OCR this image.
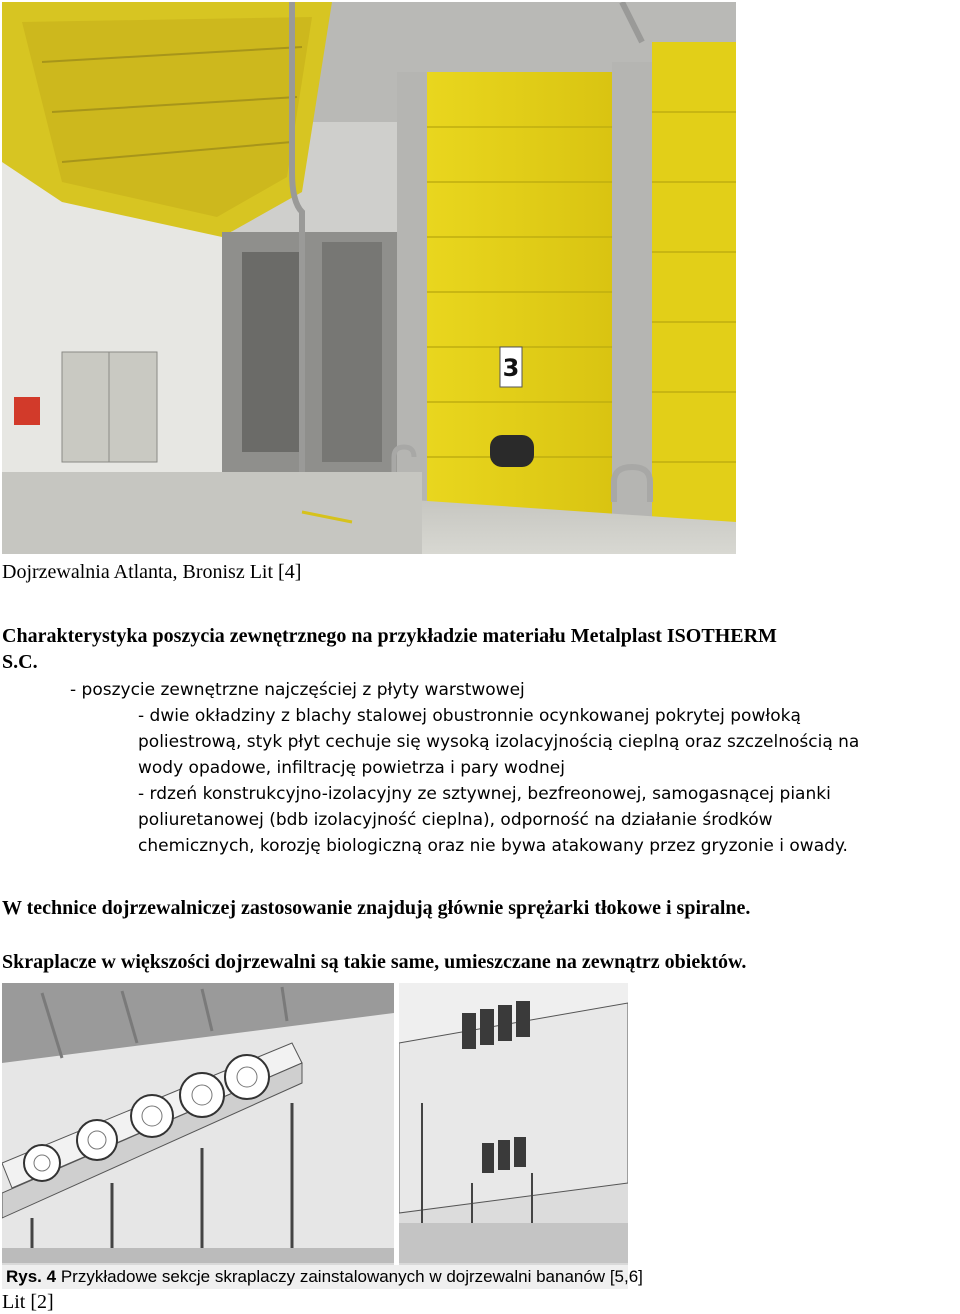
3
Dojrzewalnia Atlanta, Bronisz Lit [4]
Charakterystyka poszycia zewnętrznego na przykładzie materiału Metalplast ISOTHERM
S.C.
- poszycie zewnętrzne najczęściej z płyty warstwowej
- dwie okładziny z blachy stalowej obustronnie ocynkowanej pokrytej powłoką
poliestrową, styk płyt cechuje się wysoką izolacyjnością cieplną oraz szczelnością na
wody opadowe, infiltrację powietrza i pary wodnej
- rdzeń konstrukcyjno-izolacyjny ze sztywnej, bezfreonowej, samogasnącej pianki
poliuretanowej (bdb izolacyjność cieplna), odporność na działanie środków
chemicznych, korozję biologiczną oraz nie bywa atakowany przez gryzonie i owady.
W technice dojrzewalniczej zastosowanie znajdują głównie sprężarki tłokowe i spiralne.
Skraplacze w większości dojrzewalni są takie same, umieszczane na zewnątrz obiektów.
Rys. 4 Przykładowe sekcje skraplaczy zainstalowanych w dojrzewalni bananów [5,6]
Lit [2]
